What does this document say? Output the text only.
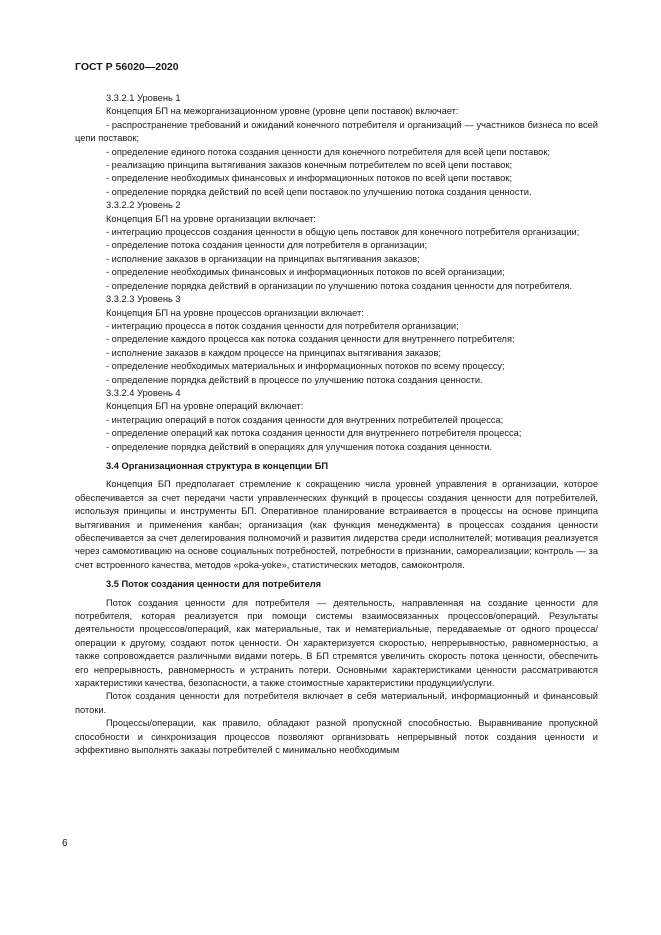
ГОСТ Р 56020—2020

3.3.2.1 Уровень 1

Концепция БП на межорганизационном уровне (уровне цепи поставок) включает:

- распространение требований и ожиданий конечного потребителя и организаций — участников бизнеса по всей цепи поставок;

- определение единого потока создания ценности для конечного потребителя для всей цепи поставок;

- реализацию принципа вытягивания заказов конечным потребителем по всей цепи поставок;

- определение необходимых финансовых и информационных потоков по всей цепи поставок;

- определение порядка действий по всей цепи поставок по улучшению потока создания ценности.

3.3.2.2 Уровень 2

Концепция БП на уровне организации включает:

- интеграцию процессов создания ценности в общую цепь поставок для конечного потребителя организации;

- определение потока создания ценности для потребителя в организации;

- исполнение заказов в организации на принципах вытягивания заказов;

- определение необходимых финансовых и информационных потоков по всей организации;

- определение порядка действий в организации по улучшению потока создания ценности для потребителя.

3.3.2.3 Уровень 3

Концепция БП на уровне процессов организации включает:

- интеграцию процесса в поток создания ценности для потребителя организации;

- определение каждого процесса как потока создания ценности для внутреннего потребителя;

- исполнение заказов в каждом процессе на принципах вытягивания заказов;

- определение необходимых материальных и информационных потоков по всему процессу;

- определение порядка действий в процессе по улучшению потока создания ценности.

3.3.2.4 Уровень 4

Концепция БП на уровне операций включает:

- интеграцию операций в поток создания ценности для внутренних потребителей процесса;

- определение операций как потока создания ценности для внутреннего потребителя процесса;

- определение порядка действий в операциях для улучшения потока создания ценности.

3.4 Организационная структура в концепции БП

Концепция БП предполагает стремление к сокращению числа уровней управления в организации, которое обеспечивается за счет передачи части управленческих функций в процессы создания ценности для потребителей, используя принципы и инструменты БП. Оперативное планирование встраивается в процессы на основе принципа вытягивания и применения канбан; организация (как функция менеджмента) в процессах создания ценности обеспечивается за счет делегирования полномочий и развития лидерства среди исполнителей; мотивация реализуется через самомотивацию на основе социальных потребностей, потребности в признании, самореализации; контроль — за счет встроенного качества, методов «poka-yoke», статистических методов, самоконтроля.

3.5 Поток создания ценности для потребителя

Поток создания ценности для потребителя — деятельность, направленная на создание ценности для потребителя, которая реализуется при помощи системы взаимосвязанных процессов/операций. Результаты деятельности процессов/операций, как материальные, так и нематериальные, передаваемые от одного процесса/операции к другому, создают поток ценности. Он характеризуется скоростью, непрерывностью, равномерностью, а также сопровождается различными видами потерь. В БП стремятся увеличить скорость потока ценности, обеспечить его непрерывность, равномерность и устранить потери. Основными характеристиками ценности рассматриваются характеристики качества, безопасности, а также стоимостные характеристики продукции/услуги.

Поток создания ценности для потребителя включает в себя материальный, информационный и финансовый потоки.

Процессы/операции, как правило, обладают разной пропускной способностью. Выравнивание пропускной способности и синхронизация процессов позволяют организовать непрерывный поток создания ценности и эффективно выполнять заказы потребителей с минимально необходимым

6
